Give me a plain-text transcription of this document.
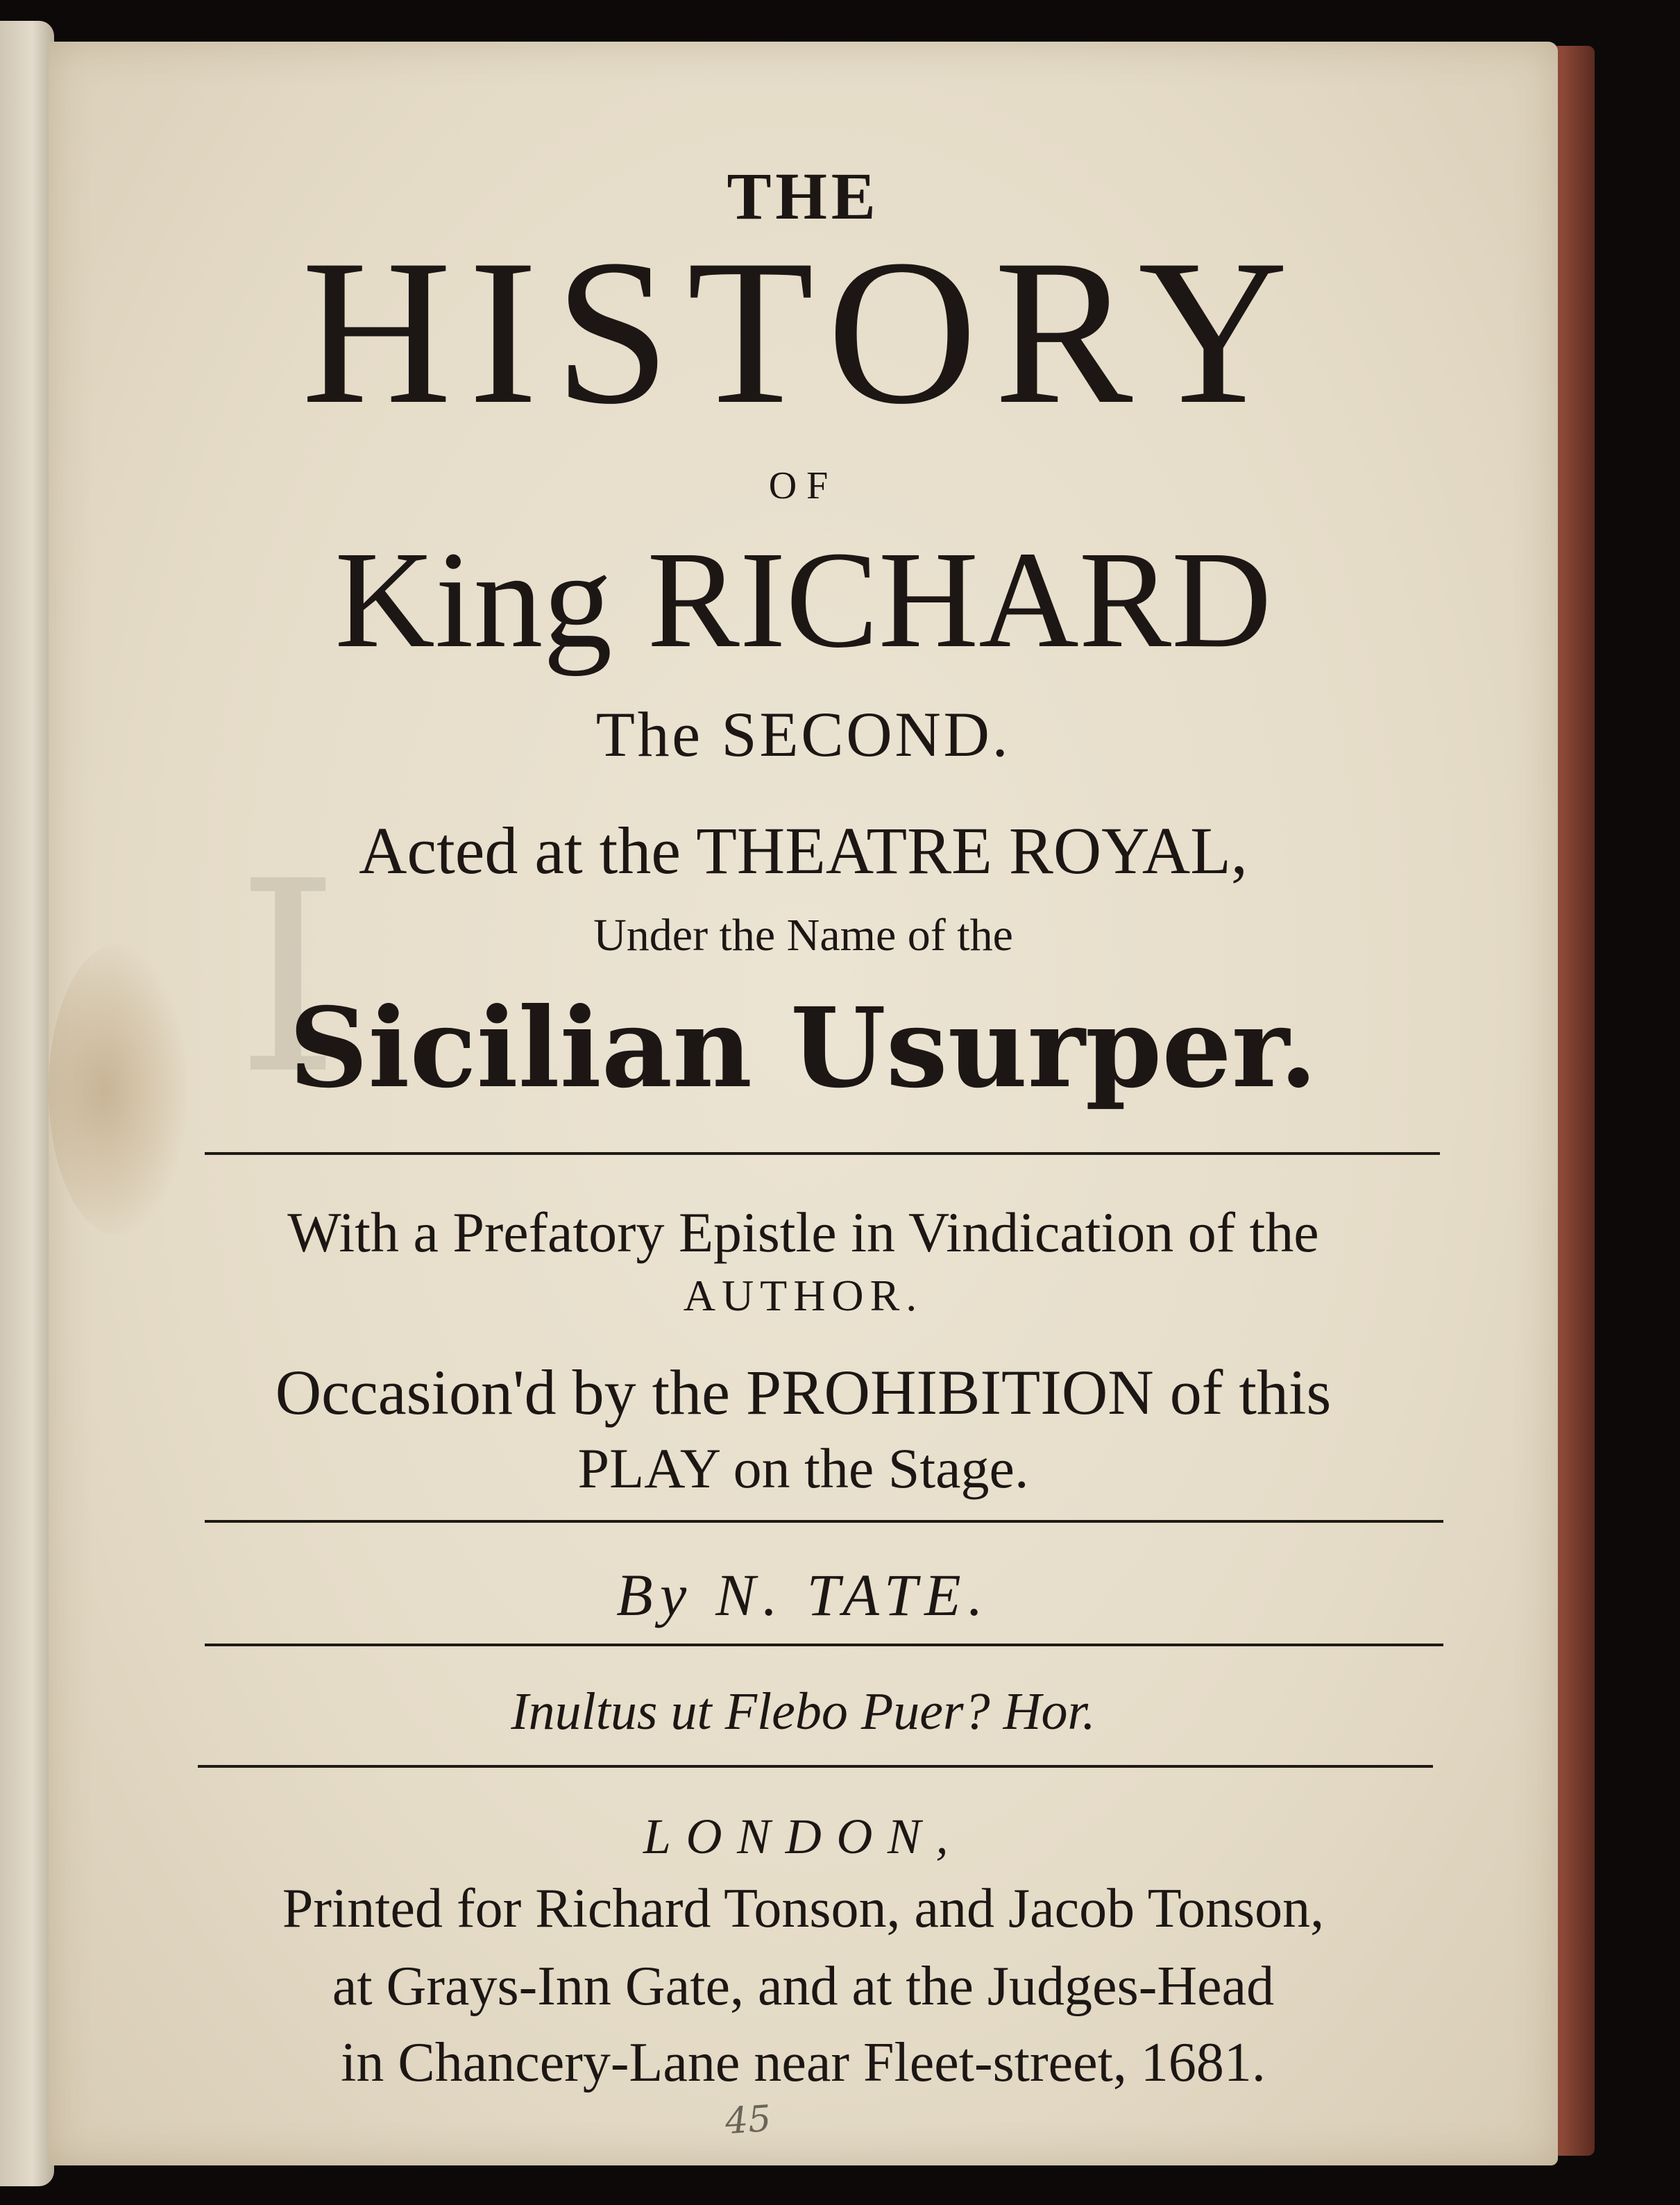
I
THE
HISTORY
OF
King RICHARD
The SECOND.
Acted at the THEATRE ROYAL,
Under the Name of the
Sicilian Usurper.
With a Prefatory Epistle in Vindication of the
AUTHOR.
Occasion'd by the PROHIBITION of this
PLAY on the Stage.
By N. TATE.
Inultus ut Flebo Puer? Hor.
LONDON,
Printed for Richard Tonson, and Jacob Tonson,
at Grays-Inn Gate, and at the Judges-Head
in Chancery-Lane near Fleet-street, 1681.
45
